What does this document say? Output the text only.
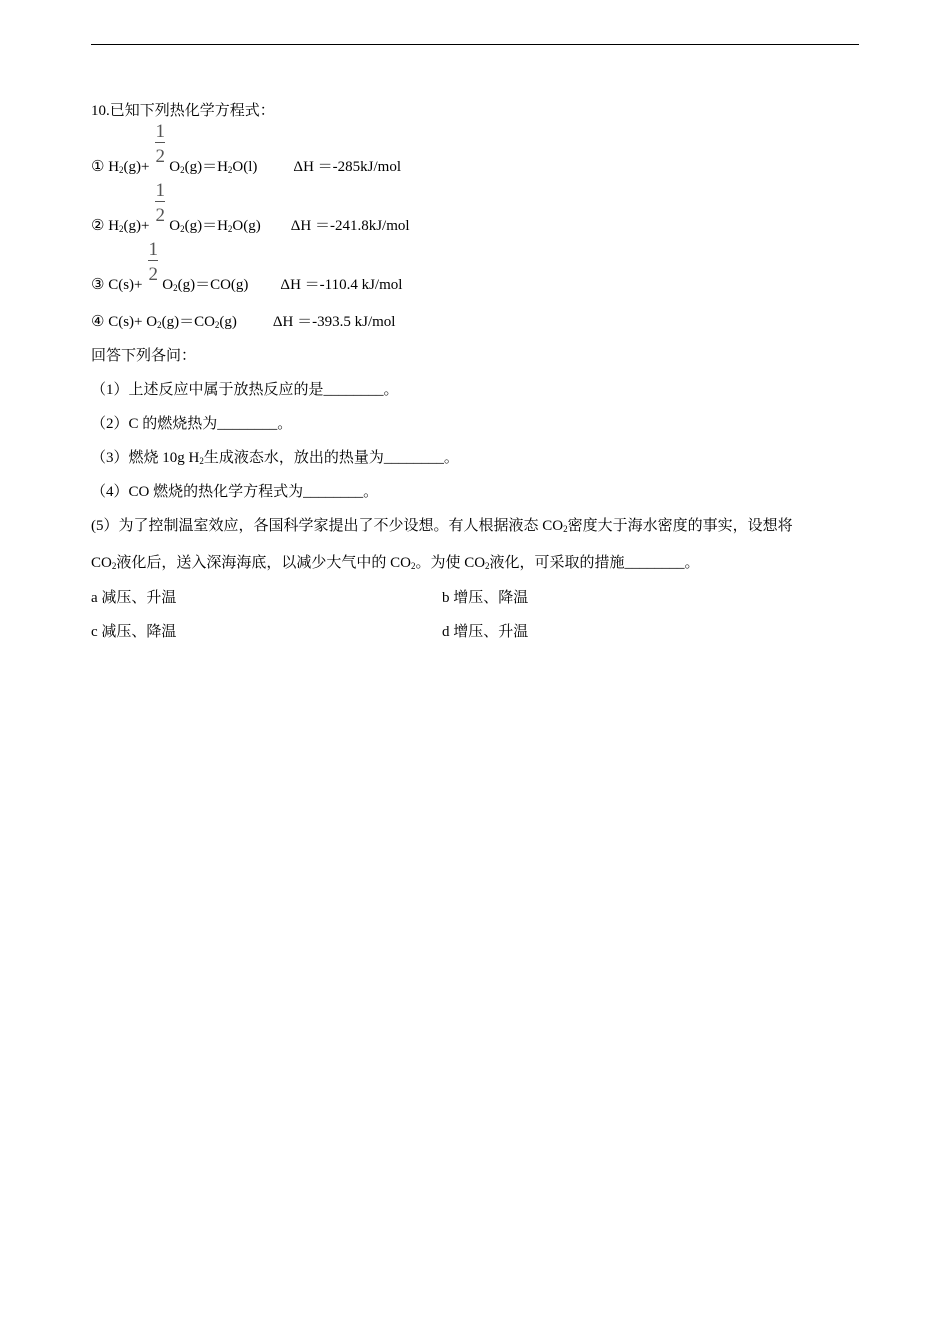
10.已知下列热化学方程式：
① $H_2(g)+ \frac{1}{2} O_2(g)=H_2O(l)$ ΔH ＝-285kJ/mol
② $H_2(g)+ \frac{1}{2} O_2(g)=H_2O(g)$ ΔH ＝-241.8kJ/mol
③ $C(s)+ \frac{1}{2} O_2(g)=CO(g)$ ΔH ＝-110.4 kJ/mol
④ $C(s)+ O_2(g)=CO_2(g)$ ΔH ＝-393.5 kJ/mol
回答下列各问：
（1）上述反应中属于放热反应的是________。
（2）C 的燃烧热为________。
（3）燃烧 10g $H_2$生成液态水，放出的热量为________。
（4）CO 燃烧的热化学方程式为________。
(5）为了控制温室效应，各国科学家提出了不少设想。有人根据液态 $CO_2$密度大于海水密度的事实，设想将
$CO_2$液化后，送入深海海底，以减少大气中的 $CO_2$。为使 $CO_2$液化，可采取的措施________。
a 减压、升温	b 增压、降温
c 减压、降温	d 增压、升温
